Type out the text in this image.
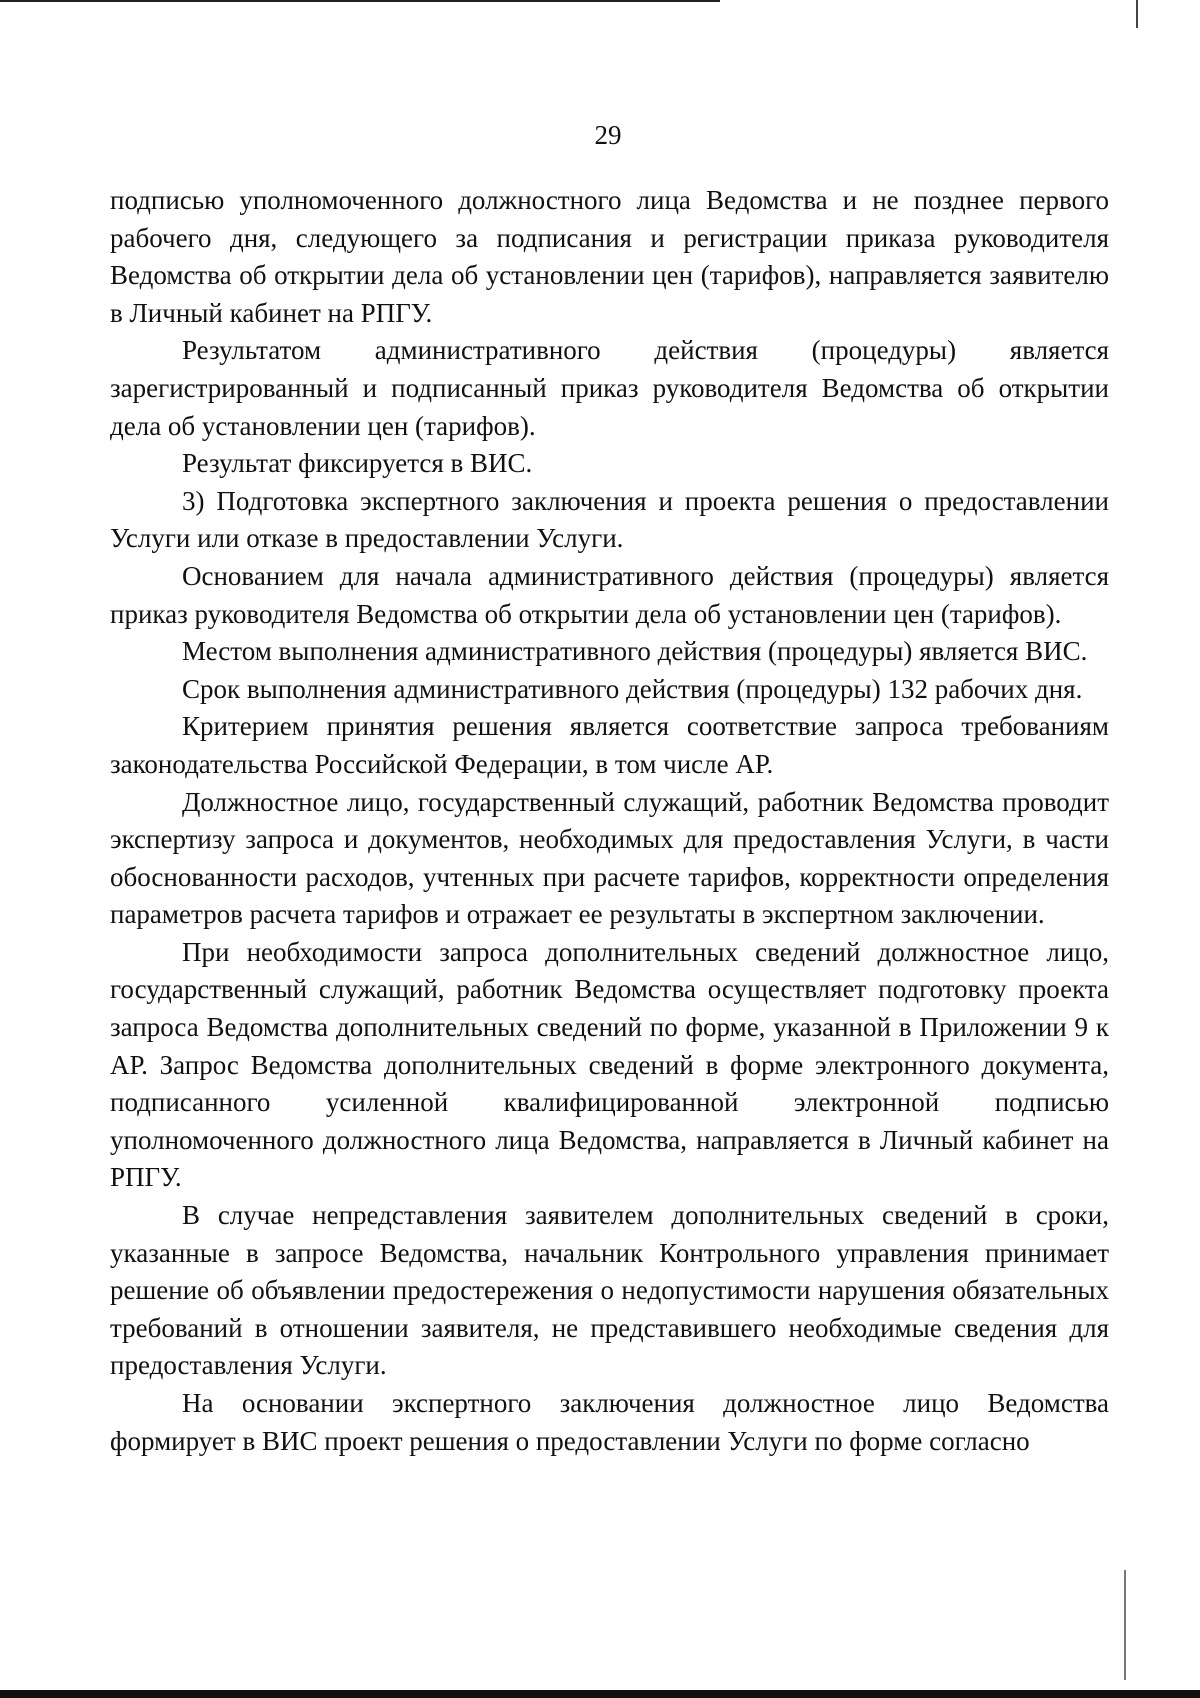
29

подписью уполномоченного должностного лица Ведомства и не позднее первого рабочего дня, следующего за подписания и регистрации приказа руководителя Ведомства об открытии дела об установлении цен (тарифов), направляется заявителю в Личный кабинет на РПГУ.

Результатом административного действия (процедуры) является зарегистрированный и подписанный приказ руководителя Ведомства об открытии дела об установлении цен (тарифов).

Результат фиксируется в ВИС.

3) Подготовка экспертного заключения и проекта решения о предоставлении Услуги или отказе в предоставлении Услуги.

Основанием для начала административного действия (процедуры) является приказ руководителя Ведомства об открытии дела об установлении цен (тарифов).

Местом выполнения административного действия (процедуры) является ВИС.

Срок выполнения административного действия (процедуры) 132 рабочих дня.

Критерием принятия решения является соответствие запроса требованиям законодательства Российской Федерации, в том числе АР.

Должностное лицо, государственный служащий, работник Ведомства проводит экспертизу запроса и документов, необходимых для предоставления Услуги, в части обоснованности расходов, учтенных при расчете тарифов, корректности определения параметров расчета тарифов и отражает ее результаты в экспертном заключении.

При необходимости запроса дополнительных сведений должностное лицо, государственный служащий, работник Ведомства осуществляет подготовку проекта запроса Ведомства дополнительных сведений по форме, указанной в Приложении 9 к АР. Запрос Ведомства дополнительных сведений в форме электронного документа, подписанного усиленной квалифицированной электронной подписью уполномоченного должностного лица Ведомства, направляется в Личный кабинет на РПГУ.

В случае непредставления заявителем дополнительных сведений в сроки, указанные в запросе Ведомства, начальник Контрольного управления принимает решение об объявлении предостережения о недопустимости нарушения обязательных требований в отношении заявителя, не представившего необходимые сведения для предоставления Услуги.

На основании экспертного заключения должностное лицо Ведомства формирует в ВИС проект решения о предоставлении Услуги по форме согласно
